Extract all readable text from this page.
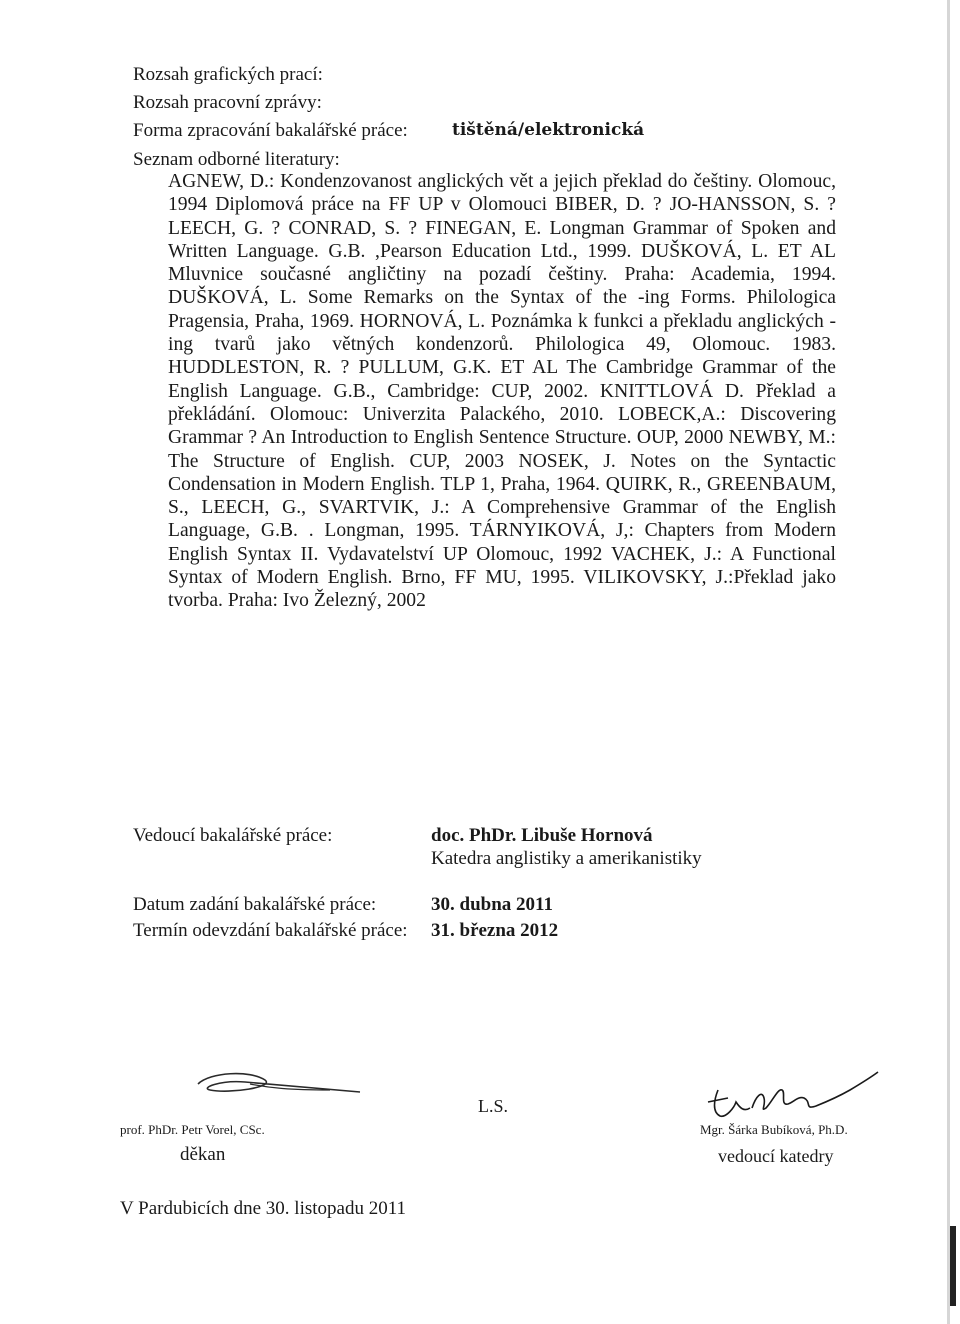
Rozsah grafických prací:
Rozsah pracovní zprávy:
Forma zpracování bakalářské práce:	tištěná/elektronická
Seznam odborné literatury:

AGNEW, D.: Kondenzovanost anglických vět a jejich překlad do češtiny. Olomouc, 1994 Diplomová práce na FF UP v Olomouci BIBER, D. ? JO-HANSSON, S. ? LEECH, G. ? CONRAD, S. ? FINEGAN, E. Longman Grammar of Spoken and Written Language. G.B. ,Pearson Education Ltd., 1999. DUŠKOVÁ, L. ET AL Mluvnice současné angličtiny na pozadí češtiny. Praha: Academia, 1994. DUŠKOVÁ, L. Some Remarks on the Syntax of the -ing Forms. Philologica Pragensia, Praha, 1969. HORNOVÁ, L. Poznámka k funkci a překladu anglických -ing tvarů jako větných kondenzorů. Philologica 49, Olomouc. 1983. HUDDLESTON, R. ? PULLUM, G.K. ET AL The Cambridge Grammar of the English Language. G.B., Cambridge: CUP, 2002. KNITTLOVÁ D. Překlad a překládání. Olomouc: Univerzita Palackého, 2010. LOBECK,A.: Discovering Grammar ? An Introduction to English Sentence Structure. OUP, 2000 NEWBY, M.: The Structure of English. CUP, 2003 NOSEK, J. Notes on the Syntactic Condensation in Modern English. TLP 1, Praha, 1964. QUIRK, R., GREENBAUM, S., LEECH, G., SVARTVIK, J.: A Comprehensive Grammar of the English Language, G.B. . Longman, 1995. TÁRNYIKOVÁ, J,: Chapters from Modern English Syntax II. Vydavatelství UP Olomouc, 1992 VACHEK, J.: A Functional Syntax of Modern English. Brno, FF MU, 1995. VILIKOVSKY, J.:Překlad jako tvorba. Praha: Ivo Železný, 2002

Vedoucí bakalářské práce:	doc. PhDr. Libuše Hornová
Katedra anglistiky a amerikanistiky
Datum zadání bakalářské práce:	30. dubna 2011
Termín odevzdání bakalářské práce: 31. března 2012
prof. PhDr. Petr Vorel, CSc.
děkan
L.S.
Mgr. Šárka Bubíková, Ph.D.
vedoucí katedry
V Pardubicích dne 30. listopadu 2011
